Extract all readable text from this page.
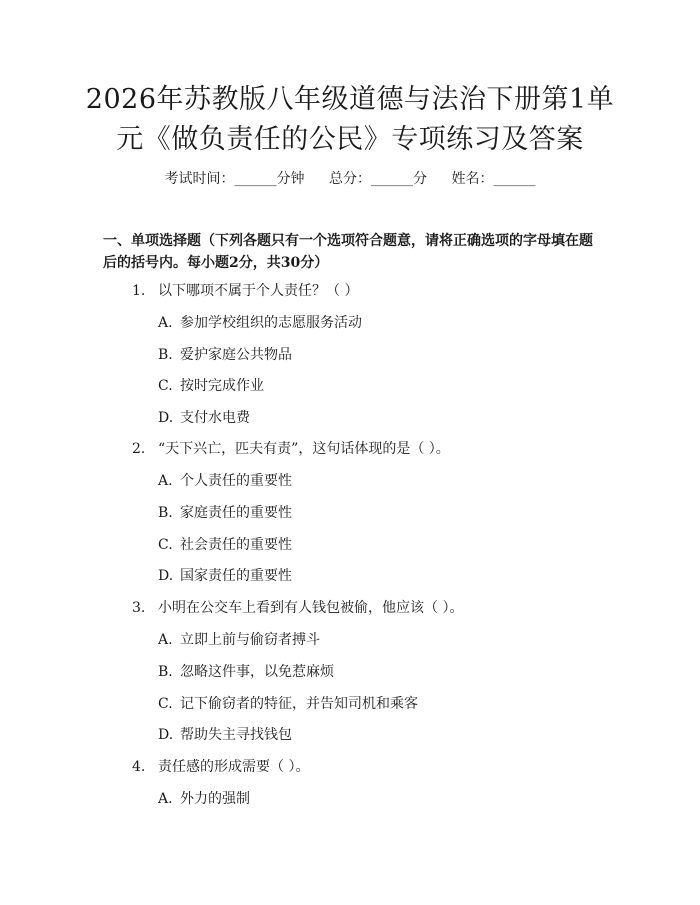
2026年苏教版八年级道德与法治下册第1单
元《做负责任的公民》专项练习及答案
考试时间：______分钟 总分：______分 姓名：______
一、单项选择题（下列各题只有一个选项符合题意，请将正确选项的字母填在题
后的括号内。每小题2分，共30分）
1. 以下哪项不属于个人责任？（ ）
A. 参加学校组织的志愿服务活动
B. 爱护家庭公共物品
C. 按时完成作业
D. 支付水电费
2. “天下兴亡，匹夫有责”，这句话体现的是（ ）。
A. 个人责任的重要性
B. 家庭责任的重要性
C. 社会责任的重要性
D. 国家责任的重要性
3. 小明在公交车上看到有人钱包被偷，他应该（ ）。
A. 立即上前与偷窃者搏斗
B. 忽略这件事，以免惹麻烦
C. 记下偷窃者的特征，并告知司机和乘客
D. 帮助失主寻找钱包
4. 责任感的形成需要（ ）。
A. 外力的强制
